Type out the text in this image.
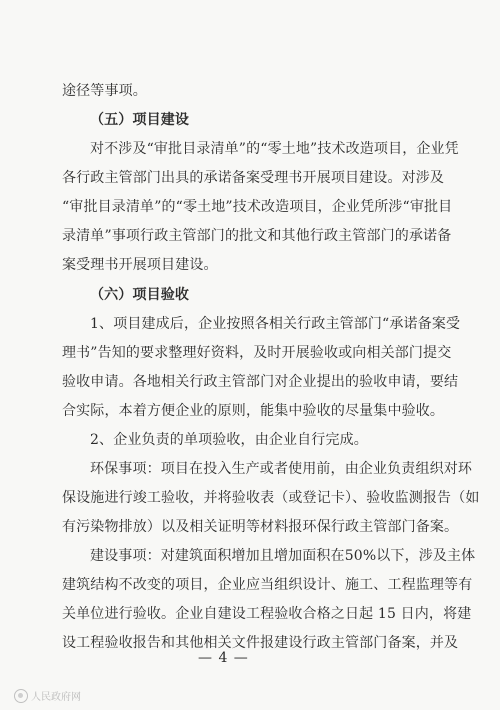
途径等事项。
（五）项目建设
对不涉及“审批目录清单”的“零土地”技术改造项目，企业凭
各行政主管部门出具的承诺备案受理书开展项目建设。对涉及
“审批目录清单”的“零土地”技术改造项目，企业凭所涉“审批目
录清单”事项行政主管部门的批文和其他行政主管部门的承诺备
案受理书开展项目建设。
（六）项目验收
1、项目建成后，企业按照各相关行政主管部门“承诺备案受
理书”告知的要求整理好资料，及时开展验收或向相关部门提交
验收申请。各地相关行政主管部门对企业提出的验收申请，要结
合实际，本着方便企业的原则，能集中验收的尽量集中验收。
2、企业负责的单项验收，由企业自行完成。
环保事项：项目在投入生产或者使用前，由企业负责组织对环
保设施进行竣工验收，并将验收表（或登记卡）、验收监测报告（如
有污染物排放）以及相关证明等材料报环保行政主管部门备案。
建设事项：对建筑面积增加且增加面积在50%以下，涉及主体
建筑结构不改变的项目，企业应当组织设计、施工、工程监理等有
关单位进行验收。企业自建设工程验收合格之日起 15 日内，将建
设工程验收报告和其他相关文件报建设行政主管部门备案，并及
— 4 —
人民政府网
